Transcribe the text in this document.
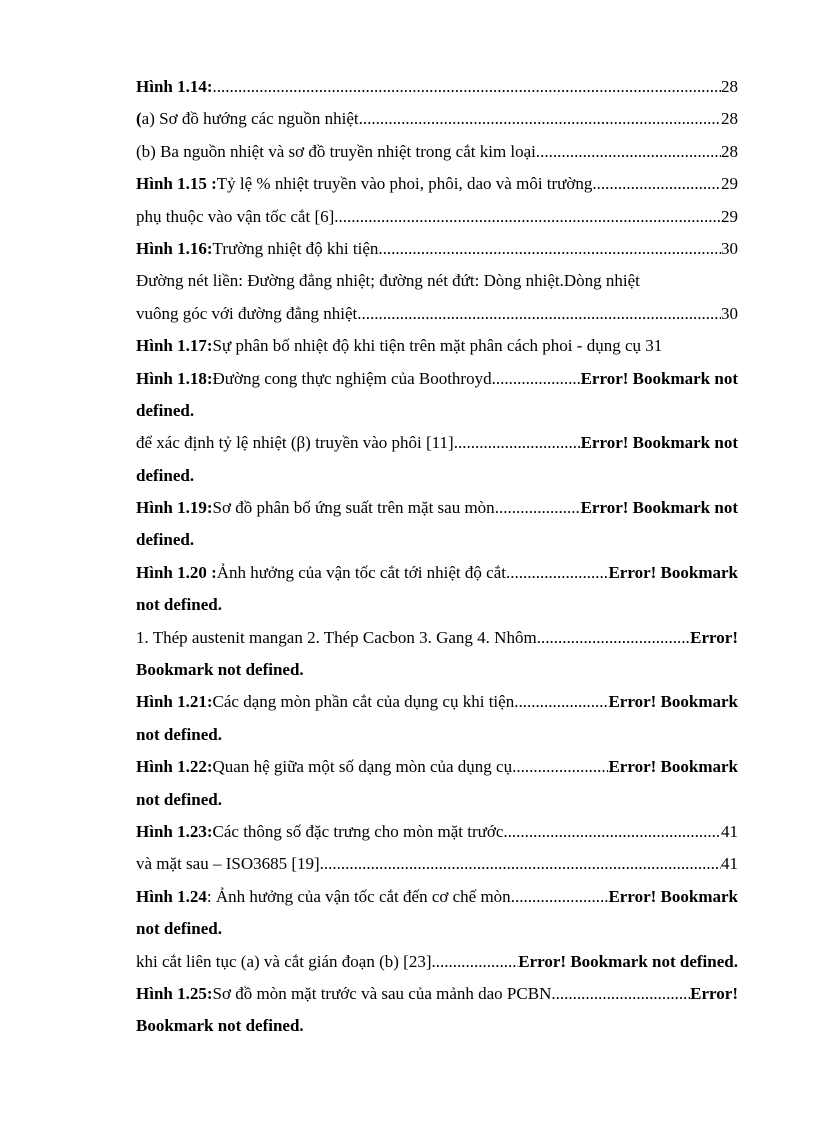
Hình 1.14: .....	28
( a ) Sơ đồ hướng các nguồn nhiệt. .....	28
(b) Ba nguồn nhiệt và sơ đồ truyền nhiệt trong cắt kim loại. .....	28
Hình 1.15 : Tỷ lệ % nhiệt truyền vào phoi, phôi, dao và môi trường .....	29
phụ thuộc vào vận tốc cắt [6] .....	29
Hình 1.16: Trường nhiệt độ khi tiện .....	30
Đường nét liền: Đường đẳng nhiệt; đường nét đứt: Dòng nhiệt.Dòng nhiệt
vuông góc với đường đẳng nhiệt .....	30
Hình 1.17: Sự phân bố nhiệt độ khi tiện trên mặt phân cách phoi - dụng cụ 31
Hình 1.18: Đường cong thực nghiệm của Boothroyd .....	Error! Bookmark not
defined.
để xác định tỷ lệ nhiệt (β) truyền vào phôi [11]. .....	Error! Bookmark not
defined.
Hình 1.19: Sơ đồ phân bố ứng suất trên mặt sau mòn .....	Error! Bookmark not
defined.
Hình 1.20 : Ảnh hưởng của vận tốc cắt tới nhiệt độ cắt .....	Error! Bookmark
not defined.
1. Thép austenit mangan 2. Thép Cacbon 3. Gang 4. Nhôm .....	Error!
Bookmark not defined.
Hình 1.21: Các dạng mòn phần cắt của dụng cụ khi tiện .....	Error! Bookmark
not defined.
Hình 1.22: Quan hệ giữa một số dạng mòn của dụng cụ .....	Error! Bookmark
not defined.
Hình 1.23: Các thông số đặc trưng cho mòn mặt trước .....	41
và mặt sau – ISO3685 [19] .....	41
Hình 1.24 : Ảnh hưởng của vận tốc cắt đến cơ chế mòn .....	Error! Bookmark
not defined.
khi cắt liên tục (a) và cắt gián đoạn (b) [23] .....	Error! Bookmark not defined.
Hình 1.25: Sơ đồ mòn mặt trước và sau của mảnh dao PCBN .....	Error!
Bookmark not defined.
